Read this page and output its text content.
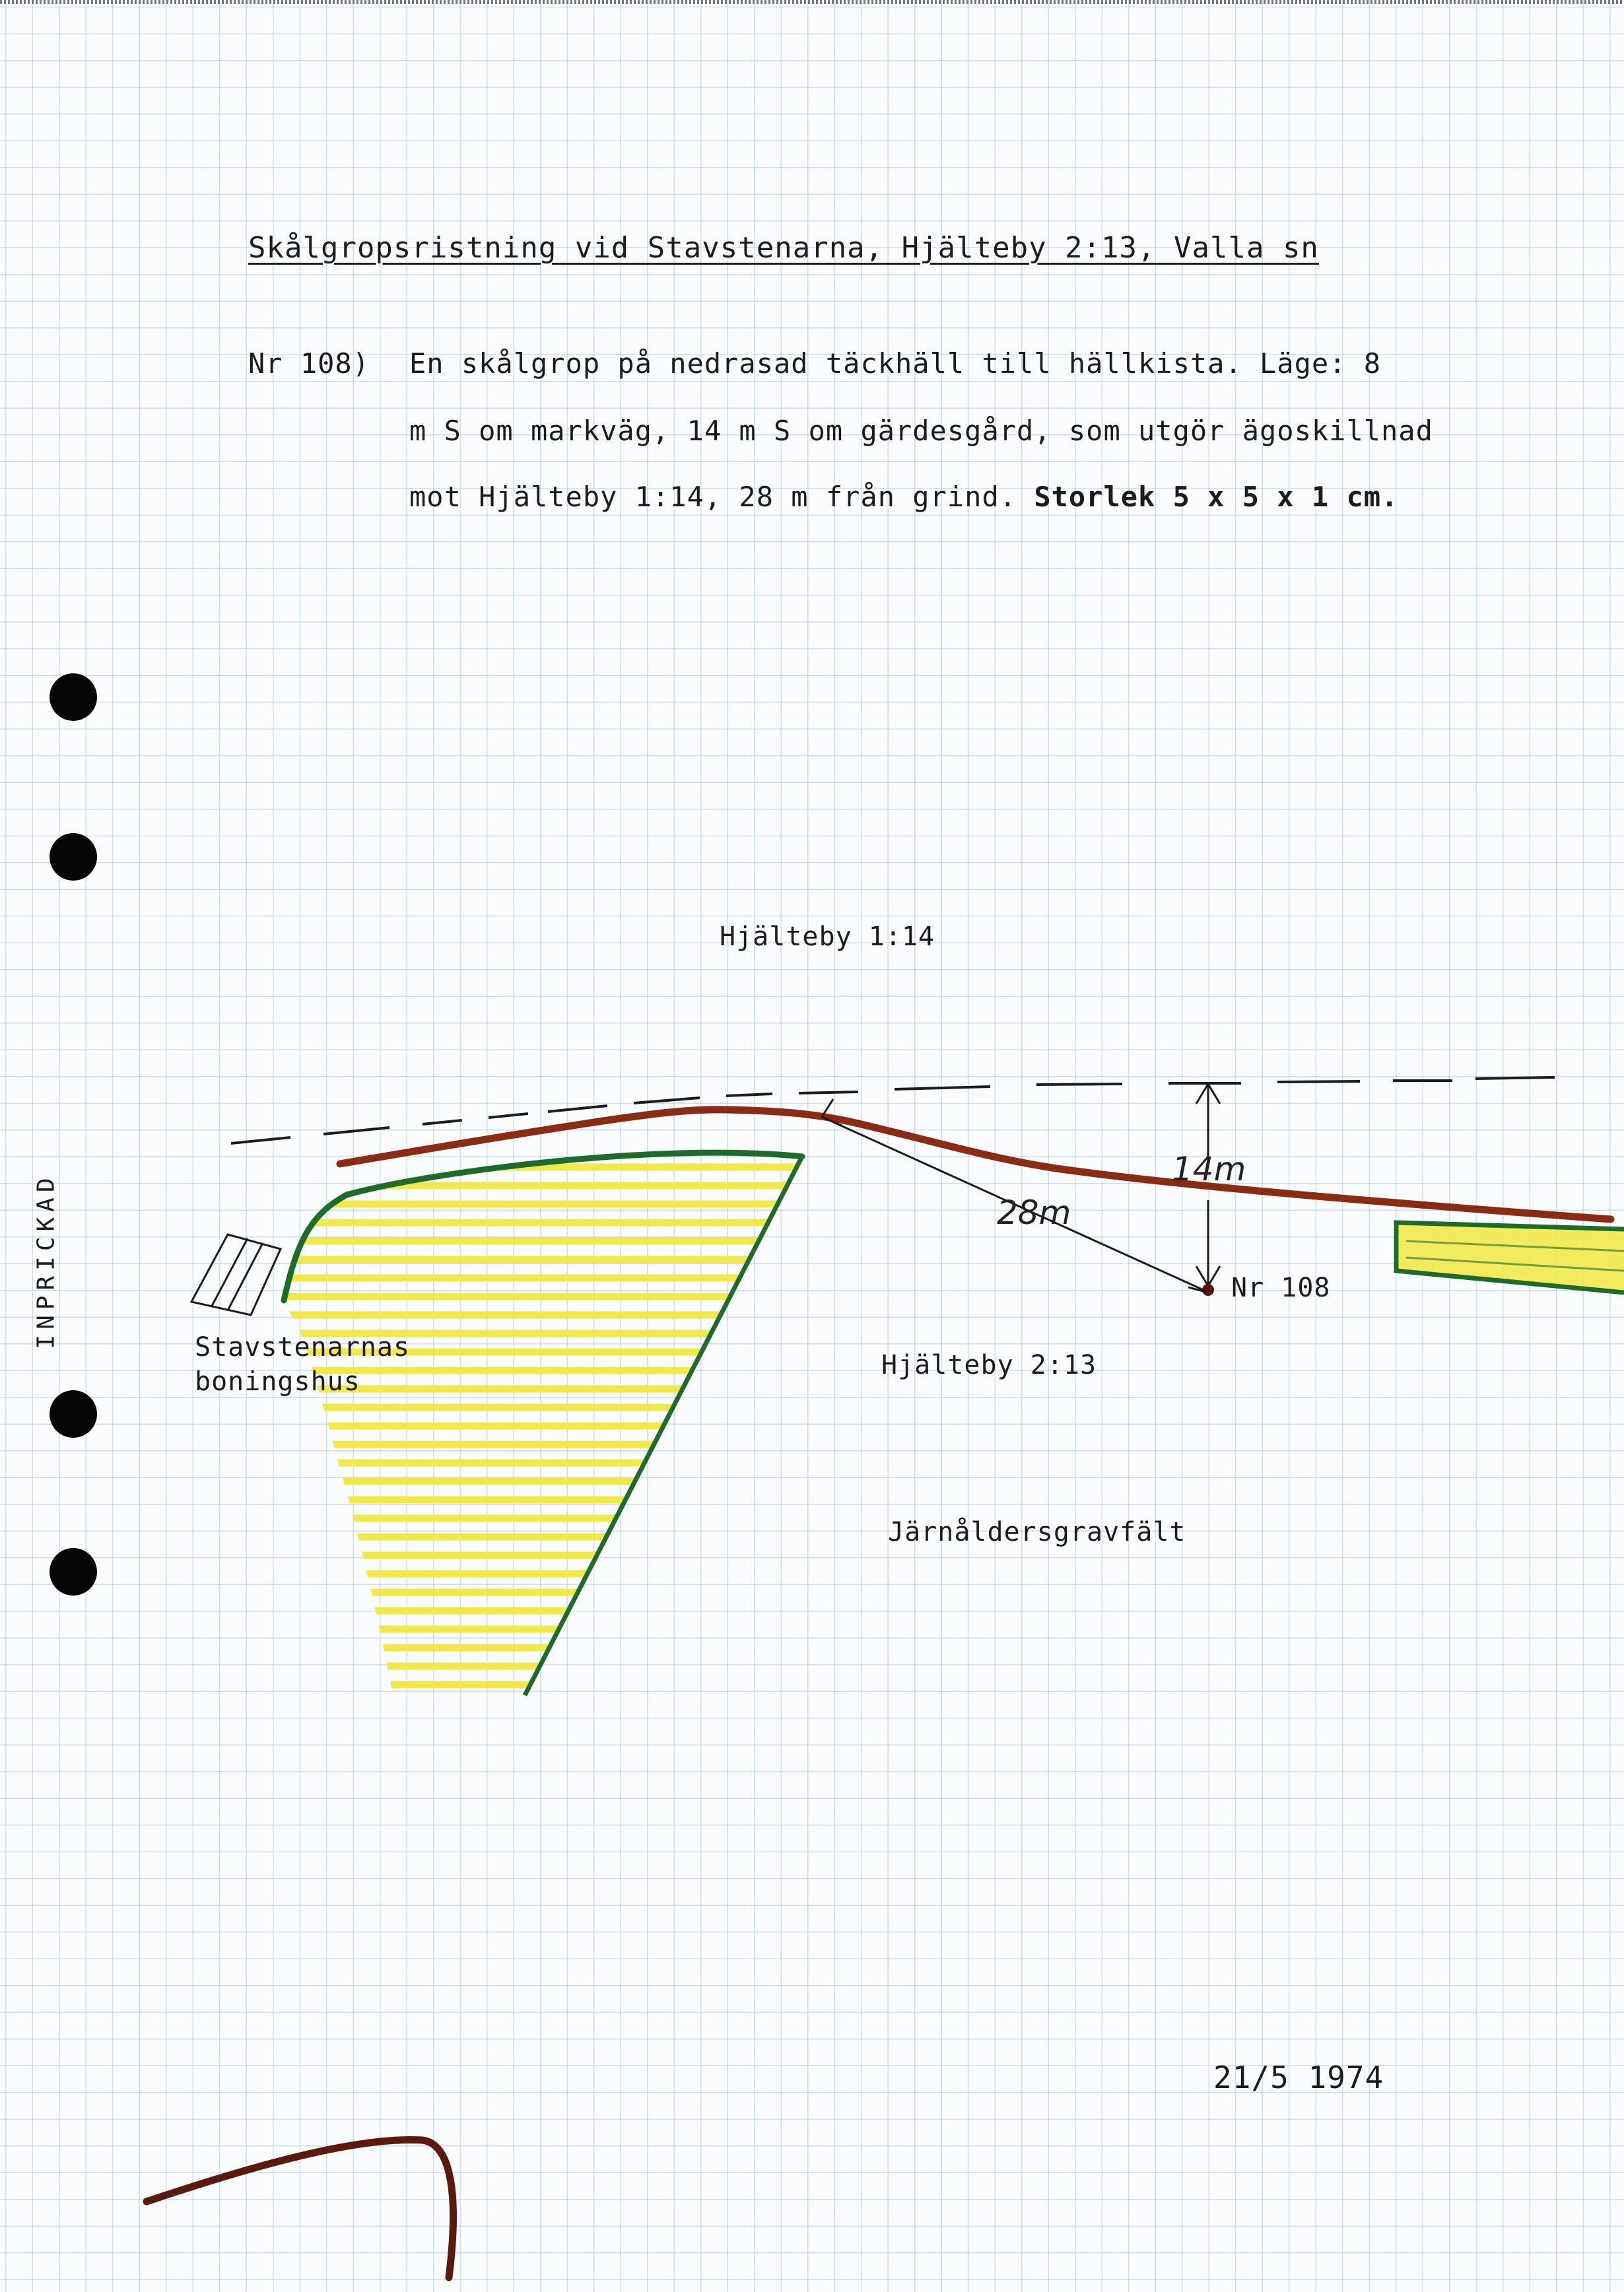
Skålgropsristning vid Stavstenarna, Hjälteby 2:13, Valla sn
Nr 108) En skålgrop på nedrasad täckhäll till hällkista. Läge: 8
m S om markväg, 14 m S om gärdesgård, som utgör ägoskillnad
mot Hjälteby 1:14, 28 m från grind. Storlek 5 x 5 x 1 cm.
INPRICKAD
Hjälteby 1:14
Hjälteby 2:13
Järnåldersgravfält
Stavstenarnas
boningshus
Nr 108
14m
28m
21/5 1974
